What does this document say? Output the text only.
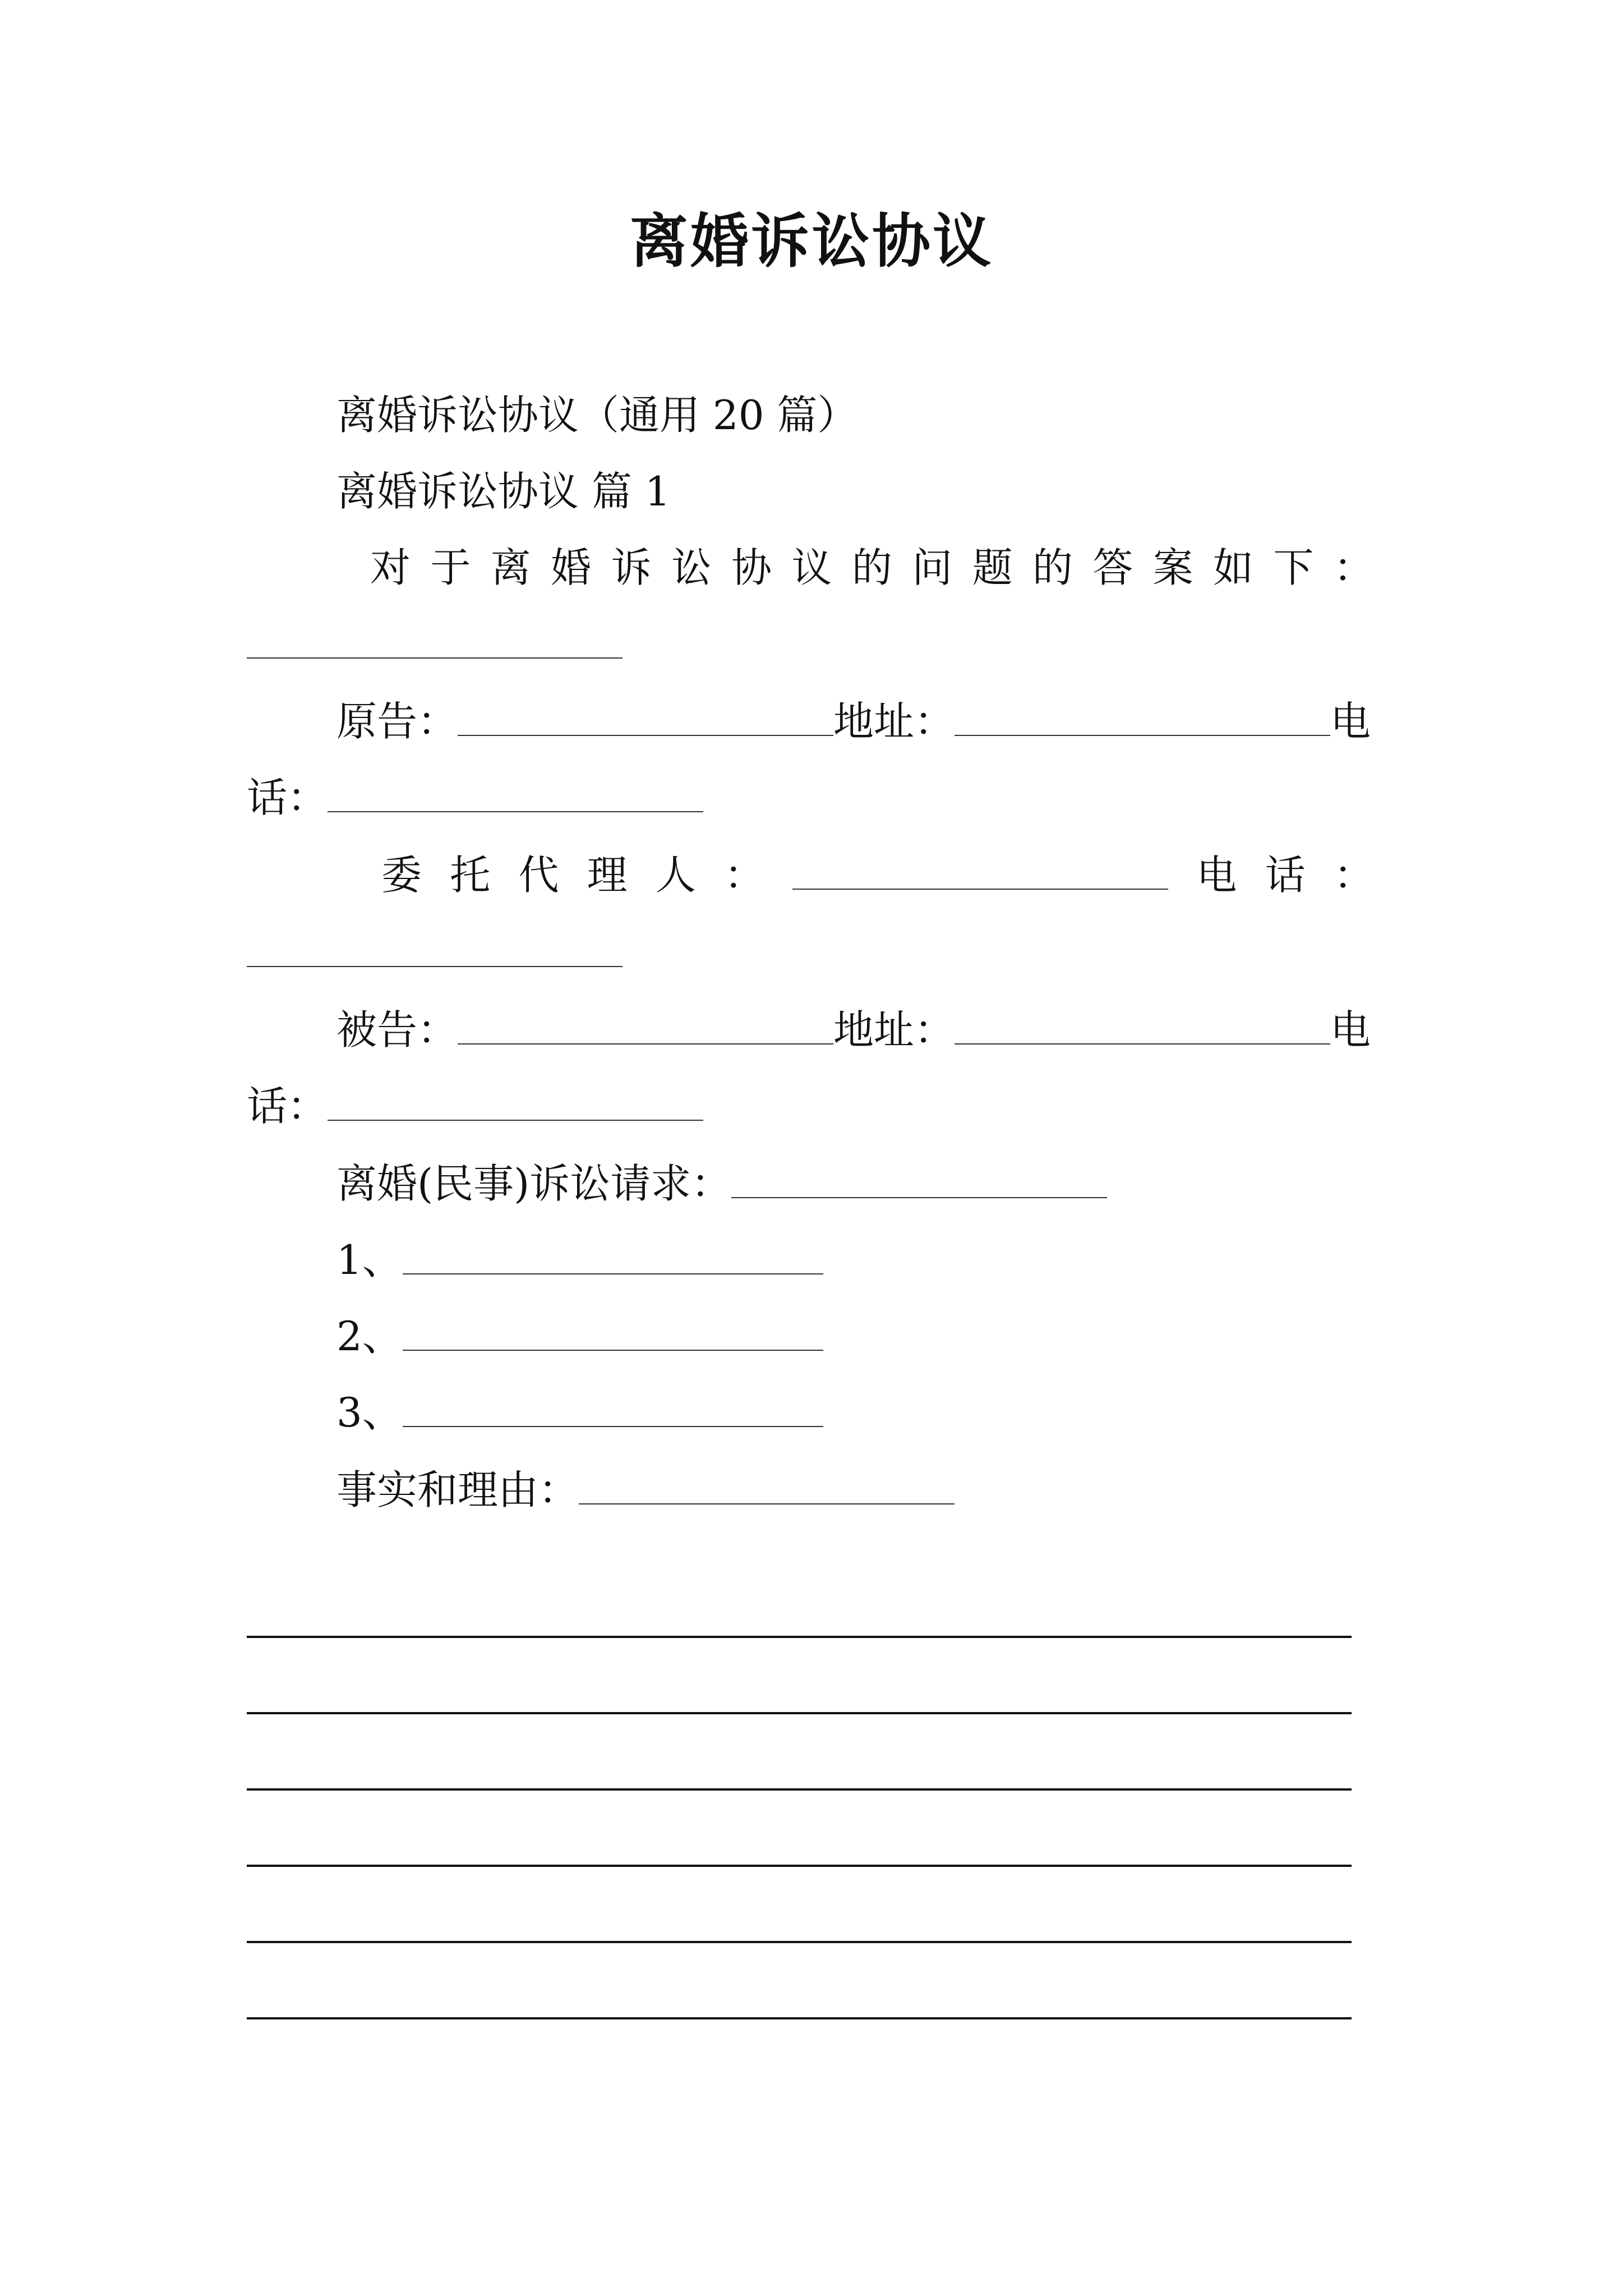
离婚诉讼协议
离婚诉讼协议（通用 20 篇）
离婚诉讼协议 篇 1
对 于 离 婚 诉 讼 协 议 的 问 题 的 答 案 如 下 ：
原告：	地址：	电
话：
委 托 代 理 人 ：	电 话 ：
被告：	地址：	电
话：
离婚(民事)诉讼请求：
1、
2、
3、
事实和理由：
